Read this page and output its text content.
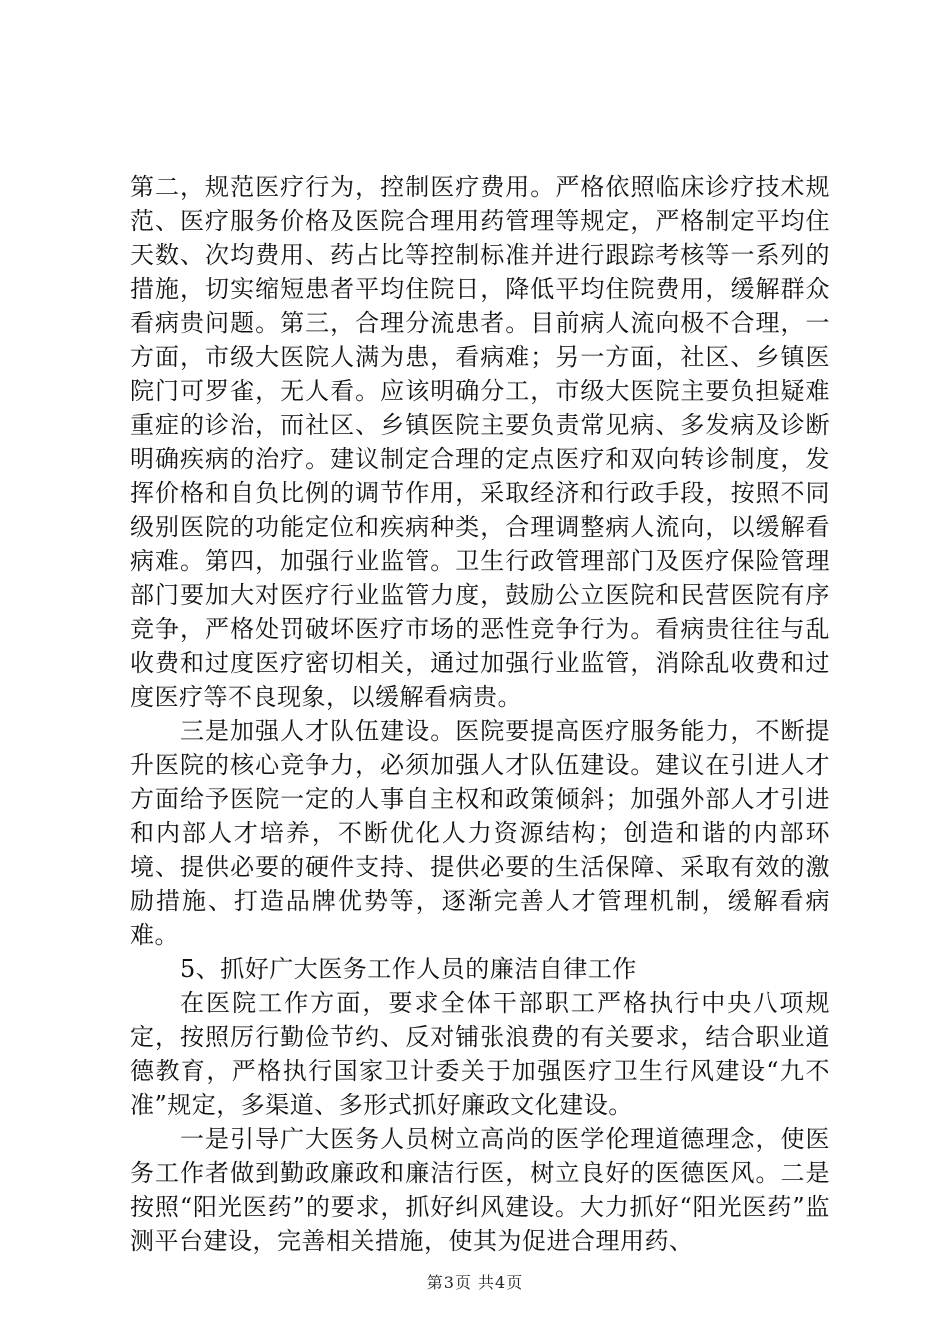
第二，规范医疗行为，控制医疗费用。严格依照临床诊疗技术规范、医疗服务价格及医院合理用药管理等规定，严格制定平均住天数、次均费用、药占比等控制标准并进行跟踪考核等一系列的措施，切实缩短患者平均住院日，降低平均住院费用，缓解群众看病贵问题。第三，合理分流患者。目前病人流向极不合理，一方面，市级大医院人满为患，看病难；另一方面，社区、乡镇医院门可罗雀，无人看。应该明确分工，市级大医院主要负担疑难重症的诊治，而社区、乡镇医院主要负责常见病、多发病及诊断明确疾病的治疗。建议制定合理的定点医疗和双向转诊制度，发挥价格和自负比例的调节作用，采取经济和行政手段，按照不同级别医院的功能定位和疾病种类，合理调整病人流向，以缓解看病难。第四，加强行业监管。卫生行政管理部门及医疗保险管理部门要加大对医疗行业监管力度，鼓励公立医院和民营医院有序竞争，严格处罚破坏医疗市场的恶性竞争行为。看病贵往往与乱收费和过度医疗密切相关，通过加强行业监管，消除乱收费和过度医疗等不良现象，以缓解看病贵。

三是加强人才队伍建设。医院要提高医疗服务能力，不断提升医院的核心竞争力，必须加强人才队伍建设。建议在引进人才方面给予医院一定的人事自主权和政策倾斜；加强外部人才引进和内部人才培养，不断优化人力资源结构；创造和谐的内部环境、提供必要的硬件支持、提供必要的生活保障、采取有效的激励措施、打造品牌优势等，逐渐完善人才管理机制，缓解看病难。

5、抓好广大医务工作人员的廉洁自律工作

在医院工作方面，要求全体干部职工严格执行中央八项规定，按照厉行勤俭节约、反对铺张浪费的有关要求，结合职业道德教育，严格执行国家卫计委关于加强医疗卫生行风建设“九不准”规定，多渠道、多形式抓好廉政文化建设。

一是引导广大医务人员树立高尚的医学伦理道德理念，使医务工作者做到勤政廉政和廉洁行医，树立良好的医德医风。二是按照“阳光医药”的要求，抓好纠风建设。大力抓好“阳光医药”监测平台建设，完善相关措施，使其为促进合理用药、

第3页 共4页
